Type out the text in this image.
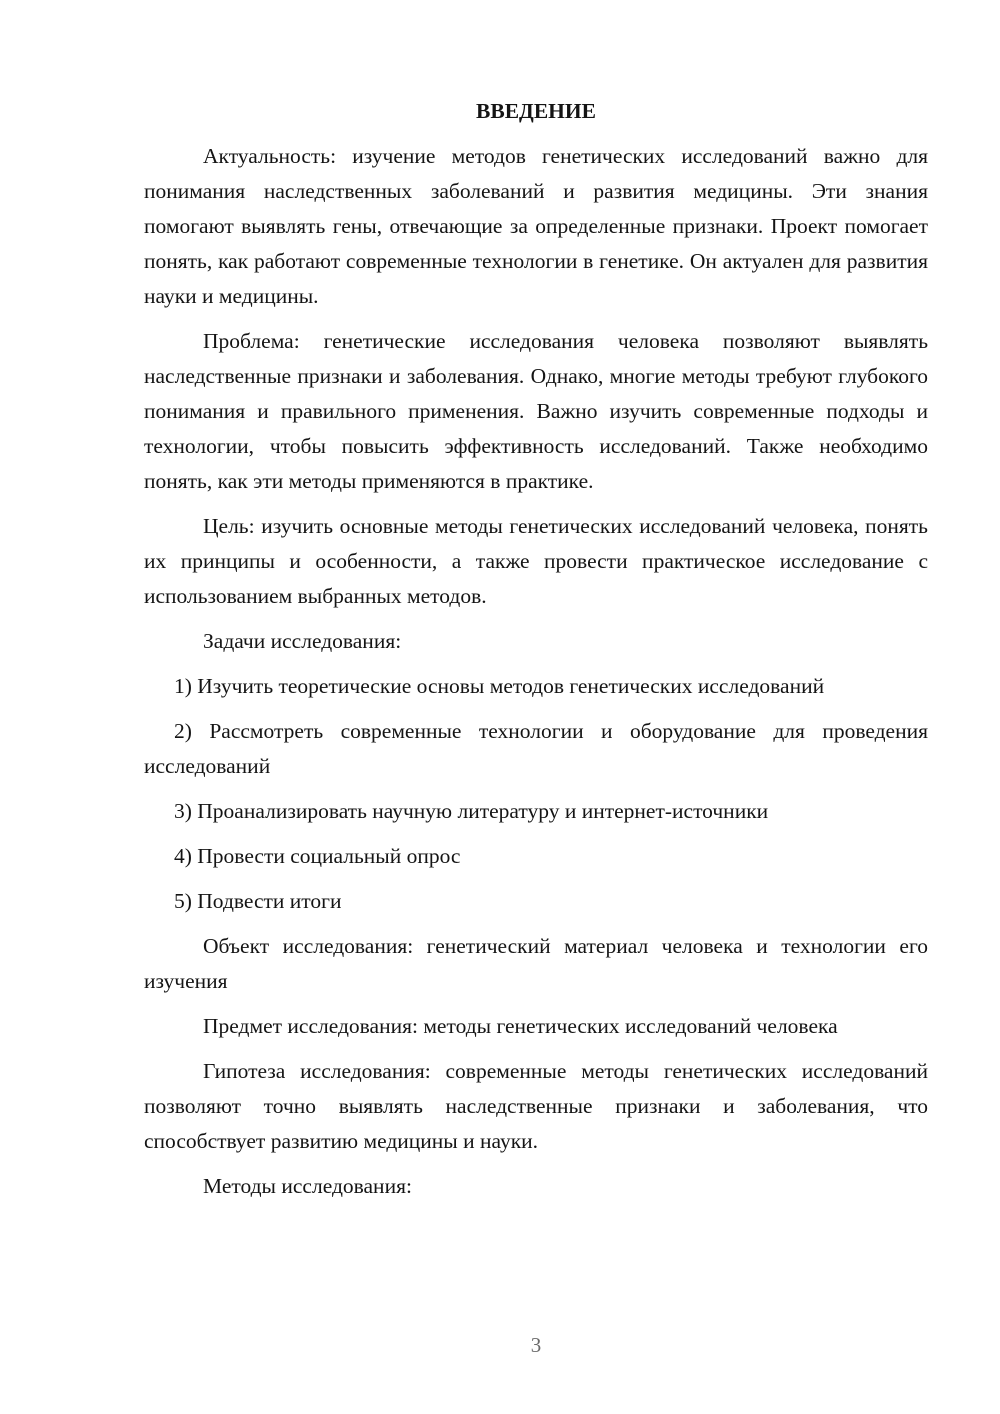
ВВЕДЕНИЕ

Актуальность: изучение методов генетических исследований важно для понимания наследственных заболеваний и развития медицины. Эти знания помогают выявлять гены, отвечающие за определенные признаки. Проект помогает понять, как работают современные технологии в генетике. Он актуален для развития науки и медицины.

Проблема: генетические исследования человека позволяют выявлять наследственные признаки и заболевания. Однако, многие методы требуют глубокого понимания и правильного применения. Важно изучить современные подходы и технологии, чтобы повысить эффективность исследований. Также необходимо понять, как эти методы применяются в практике.

Цель: изучить основные методы генетических исследований человека, понять их принципы и особенности, а также провести практическое исследование с использованием выбранных методов.

Задачи исследования:

1) Изучить теоретические основы методов генетических исследований

2) Рассмотреть современные технологии и оборудование для проведения исследований

3) Проанализировать научную литературу и интернет-источники

4) Провести социальный опрос

5) Подвести итоги

Объект исследования: генетический материал человека и технологии его изучения

Предмет исследования: методы генетических исследований человека

Гипотеза исследования: современные методы генетических исследований позволяют точно выявлять наследственные признаки и заболевания, что способствует развитию медицины и науки.

Методы исследования:

3
